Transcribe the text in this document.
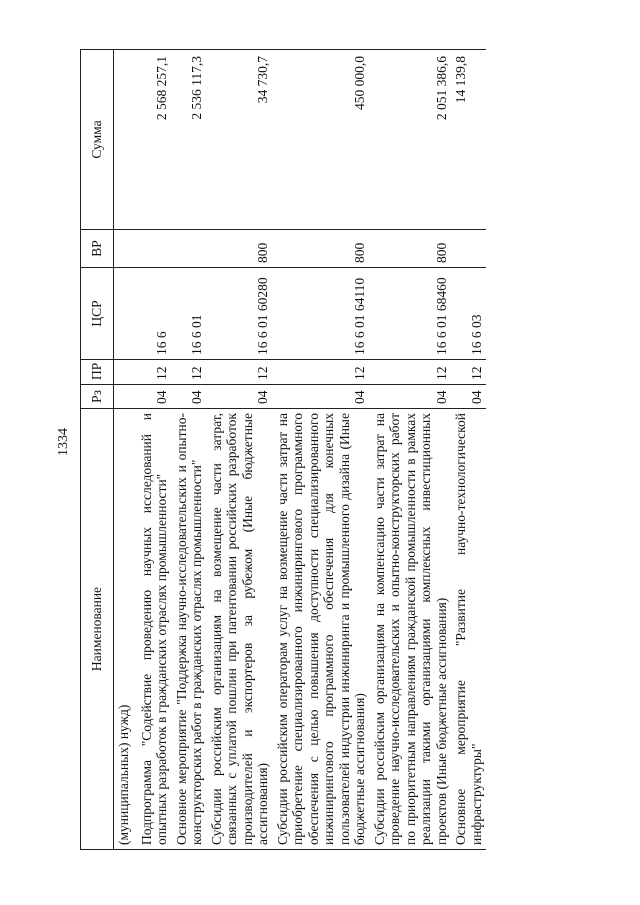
1334
Наименование	Рз	ПР	ЦСР	ВР	Сумма
(муниципальных) нужд)					
Подпрограмма "Содействие проведению научных исследований и опытных разработок в гражданских отраслях промышленности"	04	12	16 6		2 568 257,1
Основное мероприятие "Поддержка научно-исследовательских и опытно-конструкторских работ в гражданских отраслях промышленности"	04	12	16 6 01		2 536 117,3
Субсидии российским организациям на возмещение части затрат, связанных с уплатой пошлин при патентовании российских разработок производителей и экспортеров за рубежом (Иные бюджетные ассигнования)	04	12	16 6 01 60280	800	34 730,7
Субсидии российским операторам услуг на возмещение части затрат на приобретение специализированного инжинирингового программного обеспечения с целью повышения доступности специализированного инжинирингового программного обеспечения для конечных пользователей индустрии инжиниринга и промышленного дизайна (Иные бюджетные ассигнования)	04	12	16 6 01 64110	800	450 000,0
Субсидии российским организациям на компенсацию части затрат на проведение научно-исследовательских и опытно-конструкторских работ по приоритетным направлениям гражданской промышленности в рамках реализации такими организациями комплексных инвестиционных проектов (Иные бюджетные ассигнования)	04	12	16 6 01 68460	800	2 051 386,6
Основное мероприятие "Развитие научно-технологической инфраструктуры"	04	12	16 6 03		14 139,8
